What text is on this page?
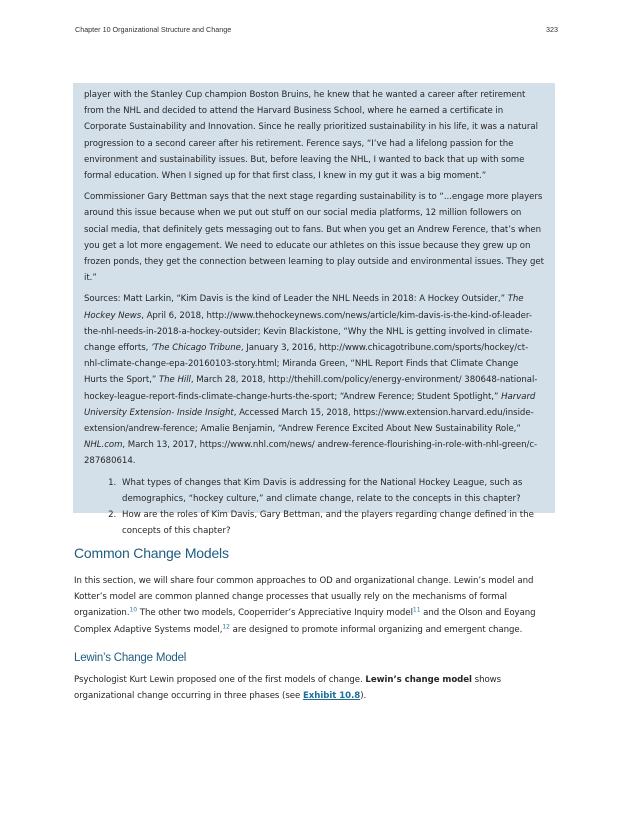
Chapter 10 Organizational Structure and Change	323

player with the Stanley Cup champion Boston Bruins, he knew that he wanted a career after retirement from the NHL and decided to attend the Harvard Business School, where he earned a certificate in Corporate Sustainability and Innovation. Since he really prioritized sustainability in his life, it was a natural progression to a second career after his retirement. Ference says, “I’ve had a lifelong passion for the environment and sustainability issues. But, before leaving the NHL, I wanted to back that up with some formal education. When I signed up for that first class, I knew in my gut it was a big moment.”

Commissioner Gary Bettman says that the next stage regarding sustainability is to “...engage more players around this issue because when we put out stuff on our social media platforms, 12 million followers on social media, that definitely gets messaging out to fans. But when you get an Andrew Ference, that’s when you get a lot more engagement. We need to educate our athletes on this issue because they grew up on frozen ponds, they get the connection between learning to play outside and environmental issues. They get it.”

Sources: Matt Larkin, “Kim Davis is the kind of Leader the NHL Needs in 2018: A Hockey Outsider,” The Hockey News, April 6, 2018, http://www.thehockeynews.com/news/article/kim-davis-is-the-kind-of-leader-the-nhl-needs-in-2018-a-hockey-outsider; Kevin Blackistone, “Why the NHL is getting involved in climate-change efforts, ’The Chicago Tribune, January 3, 2016, http://www.chicagotribune.com/sports/hockey/ct-nhl-climate-change-epa-20160103-story.html; Miranda Green, “NHL Report Finds that Climate Change Hurts the Sport,” The Hill, March 28, 2018, http://thehill.com/policy/energy-environment/ 380648-national-hockey-league-report-finds-climate-change-hurts-the-sport; “Andrew Ference; Student Spotlight,” Harvard University Extension- Inside Insight, Accessed March 15, 2018, https://www.extension.harvard.edu/inside-extension/andrew-ference; Amalie Benjamin, “Andrew Ference Excited About New Sustainability Role,” NHL.com, March 13, 2017, https://www.nhl.com/news/ andrew-ference-flourishing-in-role-with-nhl-green/c-287680614.

1. What types of changes that Kim Davis is addressing for the National Hockey League, such as demographics, “hockey culture,” and climate change, relate to the concepts in this chapter?
2. How are the roles of Kim Davis, Gary Bettman, and the players regarding change defined in the concepts of this chapter?
Common Change Models

In this section, we will share four common approaches to OD and organizational change. Lewin’s model and Kotter’s model are common planned change processes that usually rely on the mechanisms of formal organization.$^{10}$ The other two models, Cooperrider’s Appreciative Inquiry model$^{11}$ and the Olson and Eoyang Complex Adaptive Systems model,$^{12}$ are designed to promote informal organizing and emergent change.

Lewin’s Change Model

Psychologist Kurt Lewin proposed one of the first models of change. Lewin’s change model shows organizational change occurring in three phases (see Exhibit 10.8).
